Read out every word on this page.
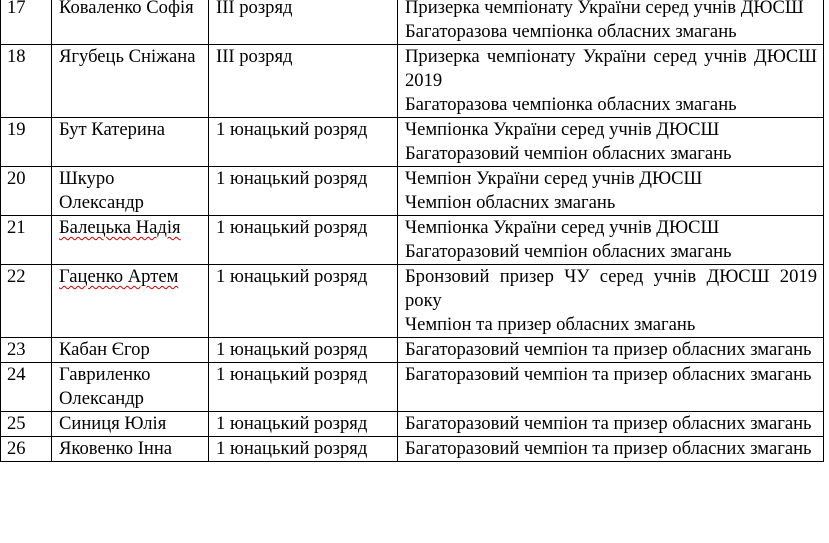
17	Коваленко Софія	ІІІ розряд	Призерка чемпіонату України серед учнів ДЮСШ
Багаторазова чемпіонка обласних змагань

18	Ягубець Сніжана	ІІІ розряд	Призерка чемпіонату України серед учнів ДЮСШ 2019
Багаторазова чемпіонка обласних змагань

19	Бут Катерина	1 юнацький розряд	Чемпіонка України серед учнів ДЮСШ
Багаторазовий чемпіон обласних змагань

20	Шкуро Олександр	1 юнацький розряд	Чемпіон України серед учнів ДЮСШ
Чемпіон обласних змагань

21	Балецька Надія	1 юнацький розряд	Чемпіонка України серед учнів ДЮСШ
Багаторазовий чемпіон обласних змагань

22	Гаценко Артем	1 юнацький розряд	Бронзовий призер ЧУ серед учнів ДЮСШ 2019 року
Чемпіон та призер обласних змагань

23	Кабан Єгор	1 юнацький розряд	Багаторазовий чемпіон та призер обласних змагань

24	Гавриленко Олександр	1 юнацький розряд	Багаторазовий чемпіон та призер обласних змагань

25	Синиця Юлія	1 юнацький розряд	Багаторазовий чемпіон та призер обласних змагань

26	Яковенко Інна	1 юнацький розряд	Багаторазовий чемпіон та призер обласних змагань
